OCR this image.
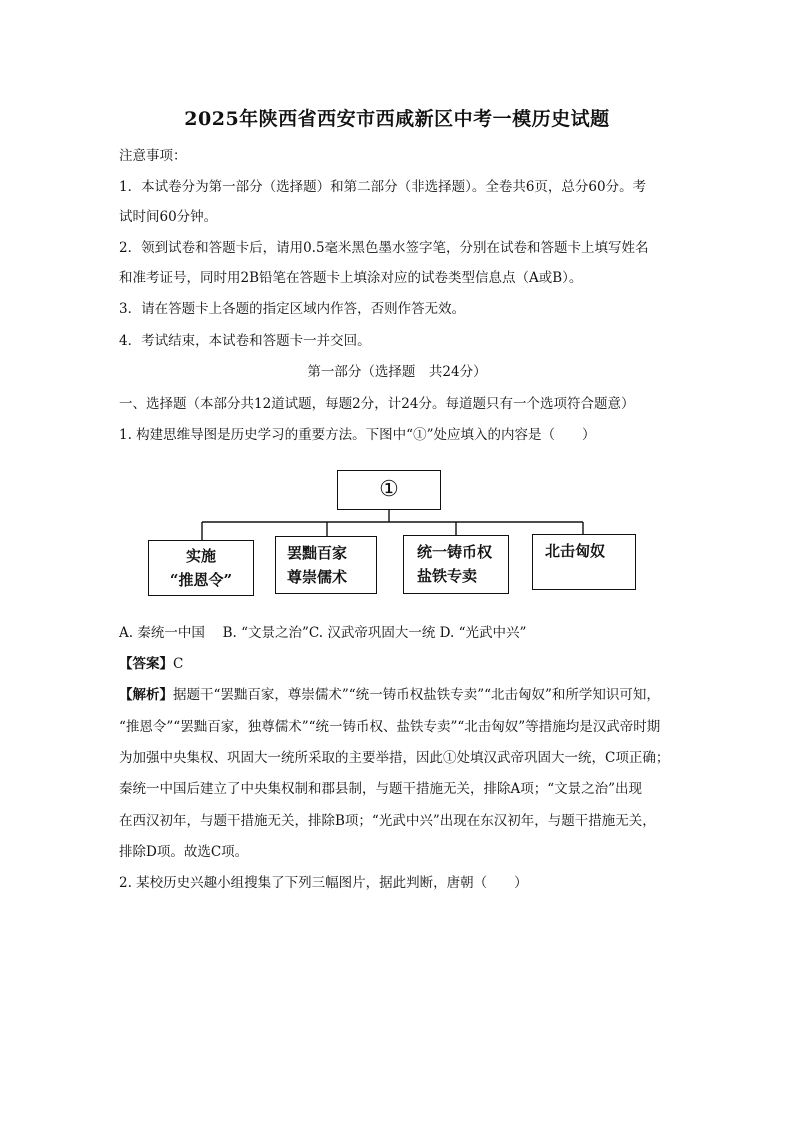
2025年陕西省西安市西咸新区中考一模历史试题
注意事项：
1．本试卷分为第一部分（选择题）和第二部分（非选择题）。全卷共6页，总分60分。考
试时间60分钟。
2．领到试卷和答题卡后，请用0.5毫米黑色墨水签字笔，分别在试卷和答题卡上填写姓名
和准考证号，同时用2B铅笔在答题卡上填涂对应的试卷类型信息点（A或B）。
3．请在答题卡上各题的指定区域内作答，否则作答无效。
4．考试结束，本试卷和答题卡一并交回。
第一部分（选择题　共24分）
一、选择题（本部分共12道试题，每题2分，计24分。每道题只有一个选项符合题意）
1. 构建思维导图是历史学习的重要方法。下图中“①”处应填入的内容是（　　）
①
实施
“推恩令”
罢黜百家
尊崇儒术
统一铸币权
盐铁专卖
北击匈奴
A. 秦统一中国　 B. “文景之治”C. 汉武帝巩固大一统 D. “光武中兴”
【答案】C
【解析】据题干“罢黜百家，尊崇儒术”“统一铸币权盐铁专卖”“北击匈奴”和所学知识可知，
“推恩令”“罢黜百家，独尊儒术”“统一铸币权、盐铁专卖”“北击匈奴”等措施均是汉武帝时期
为加强中央集权、巩固大一统所采取的主要举措，因此①处填汉武帝巩固大一统，C项正确；
秦统一中国后建立了中央集权制和郡县制，与题干措施无关，排除A项；“文景之治”出现
在西汉初年，与题干措施无关，排除B项；“光武中兴”出现在东汉初年，与题干措施无关，
排除D项。故选C项。
2. 某校历史兴趣小组搜集了下列三幅图片，据此判断，唐朝（　　）
